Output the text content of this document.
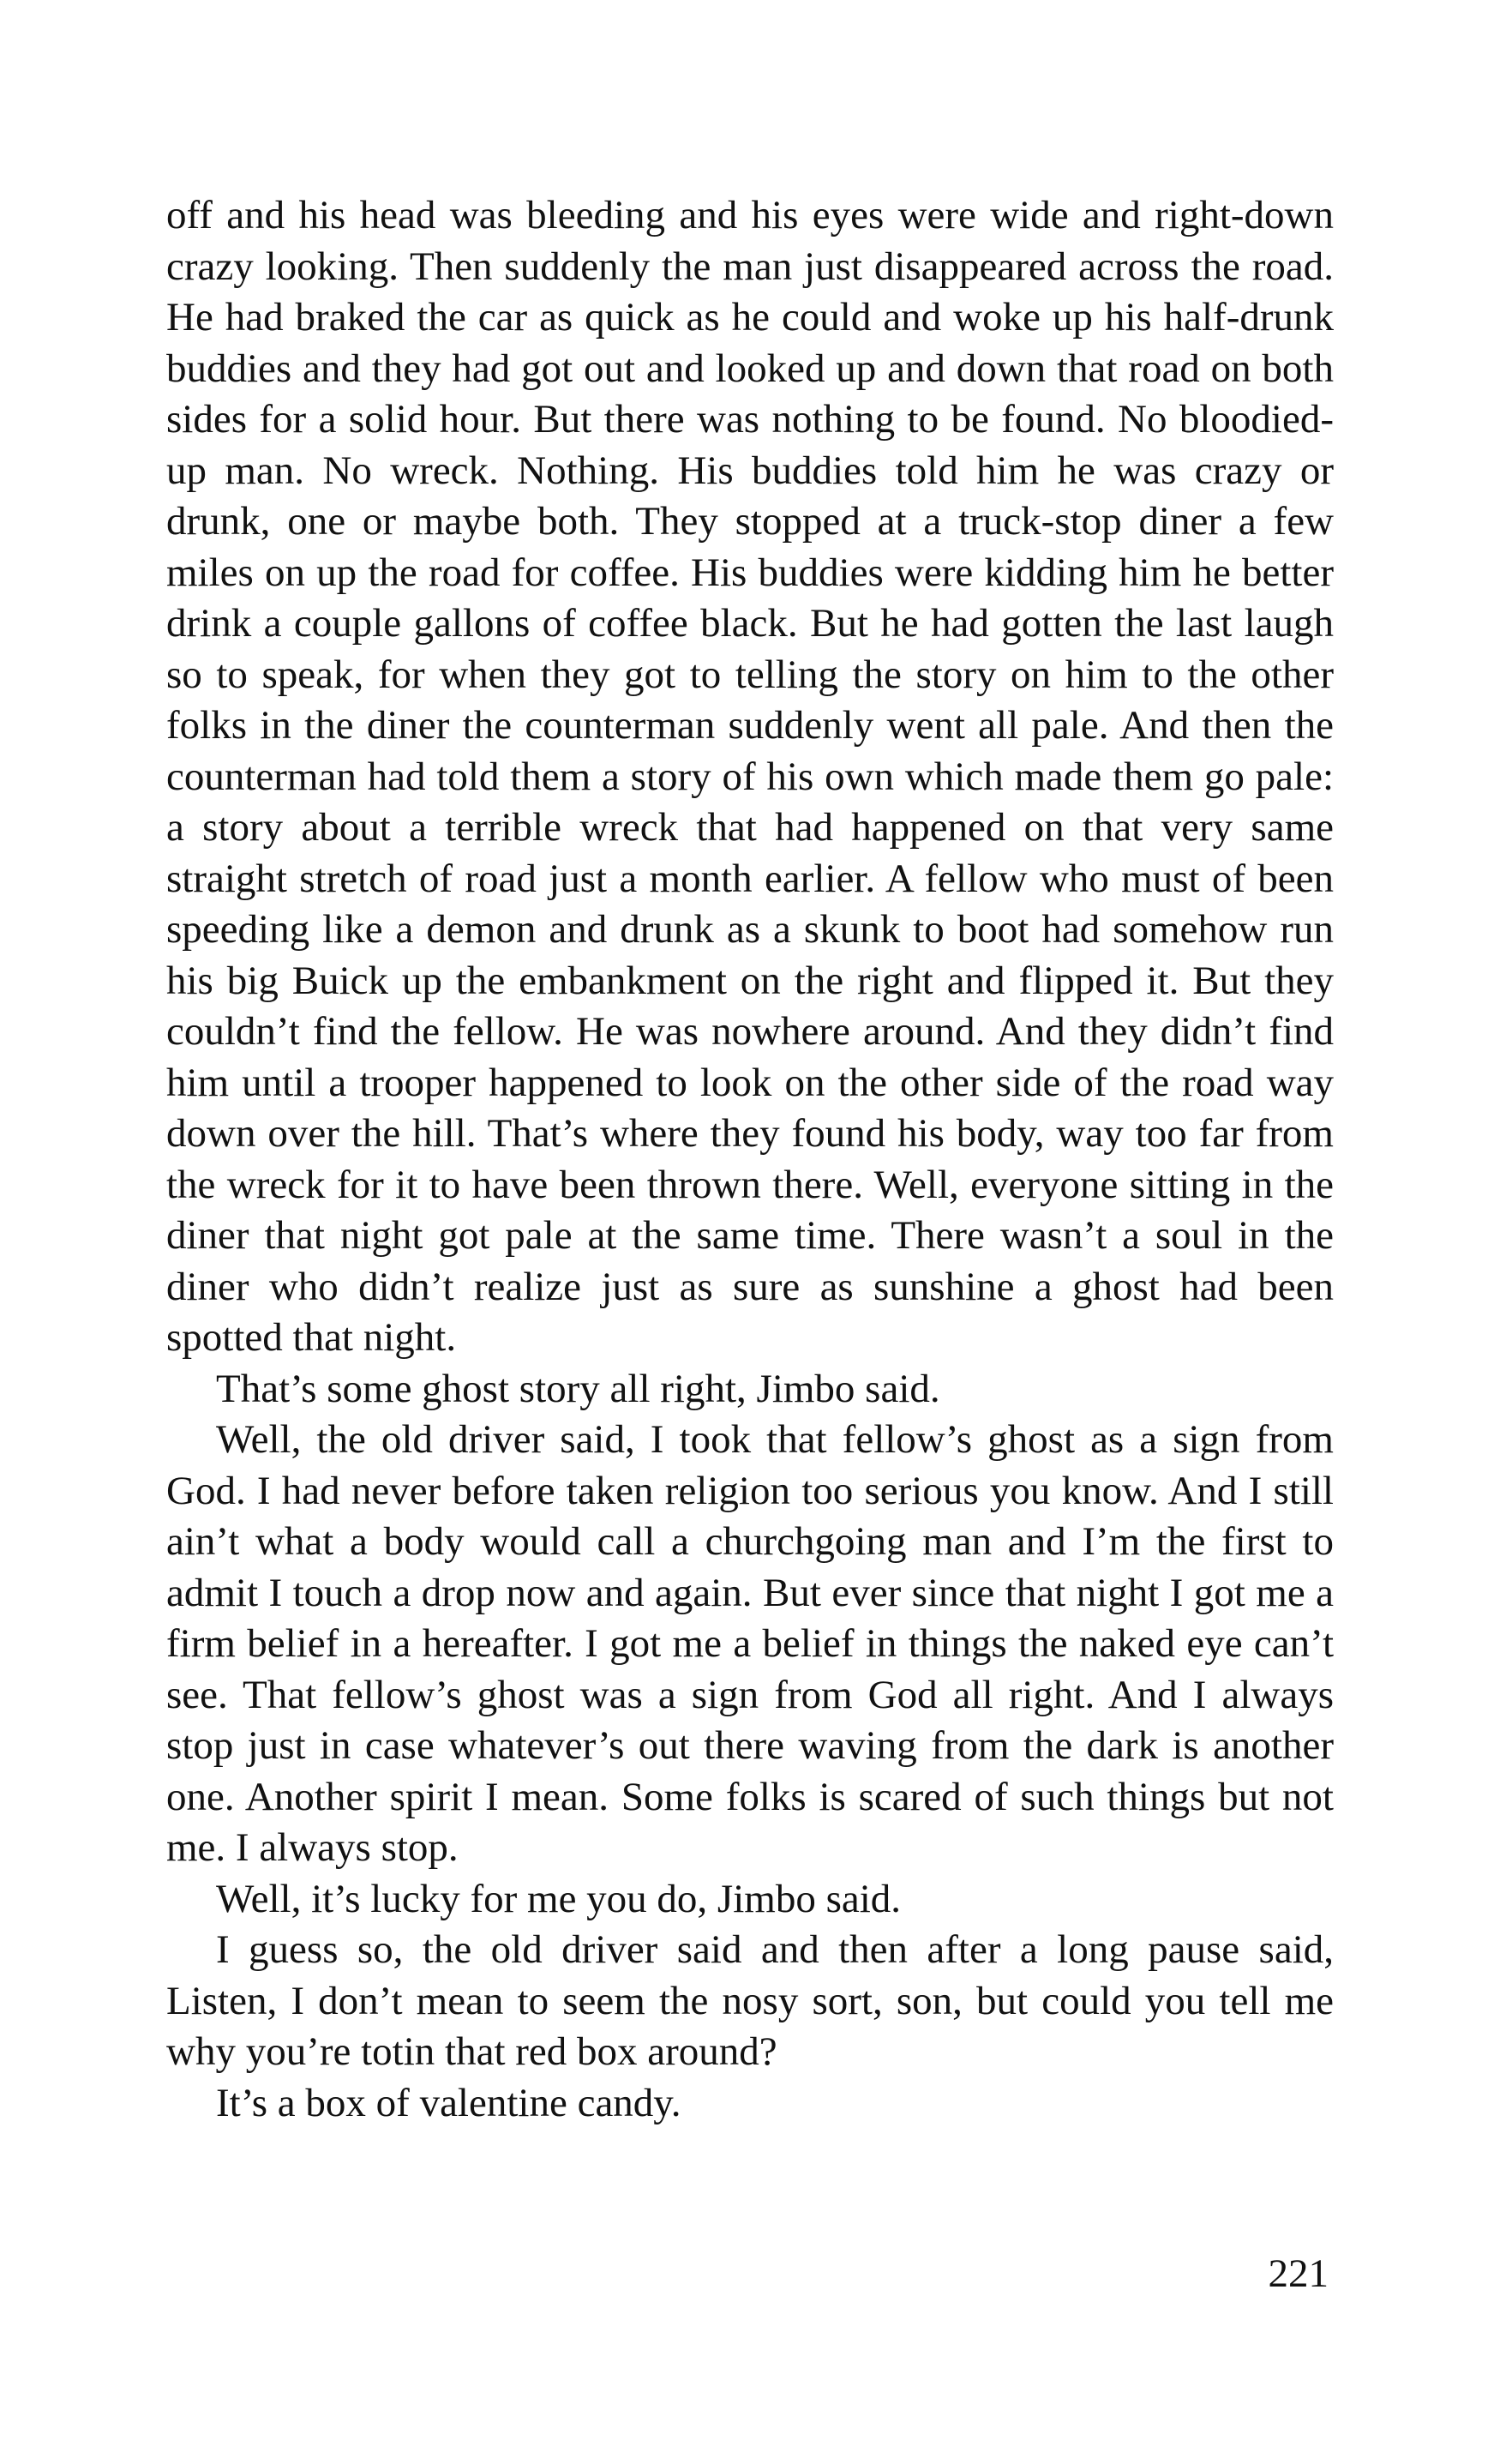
off and his head was bleeding and his eyes were wide and right-down crazy looking. Then suddenly the man just disappeared across the road. He had braked the car as quick as he could and woke up his half-drunk buddies and they had got out and looked up and down that road on both sides for a solid hour. But there was nothing to be found. No bloodied-up man. No wreck. Nothing. His buddies told him he was crazy or drunk, one or maybe both. They stopped at a truck-stop diner a few miles on up the road for coffee. His buddies were kidding him he better drink a couple gallons of coffee black. But he had gotten the last laugh so to speak, for when they got to telling the story on him to the other folks in the diner the counterman suddenly went all pale. And then the counterman had told them a story of his own which made them go pale: a story about a terrible wreck that had happened on that very same straight stretch of road just a month earlier. A fellow who must of been speeding like a demon and drunk as a skunk to boot had somehow run his big Buick up the embankment on the right and flipped it. But they couldn’t find the fellow. He was nowhere around. And they didn’t find him until a trooper happened to look on the other side of the road way down over the hill. That’s where they found his body, way too far from the wreck for it to have been thrown there. Well, everyone sitting in the diner that night got pale at the same time. There wasn’t a soul in the diner who didn’t realize just as sure as sunshine a ghost had been spotted that night.

That’s some ghost story all right, Jimbo said.

Well, the old driver said, I took that fellow’s ghost as a sign from God. I had never before taken religion too serious you know. And I still ain’t what a body would call a churchgoing man and I’m the first to admit I touch a drop now and again. But ever since that night I got me a firm belief in a hereafter. I got me a belief in things the naked eye can’t see. That fellow’s ghost was a sign from God all right. And I always stop just in case whatever’s out there waving from the dark is another one. Another spirit I mean. Some folks is scared of such things but not me. I always stop.

Well, it’s lucky for me you do, Jimbo said.

I guess so, the old driver said and then after a long pause said, Listen, I don’t mean to seem the nosy sort, son, but could you tell me why you’re totin that red box around?

It’s a box of valentine candy.

221
